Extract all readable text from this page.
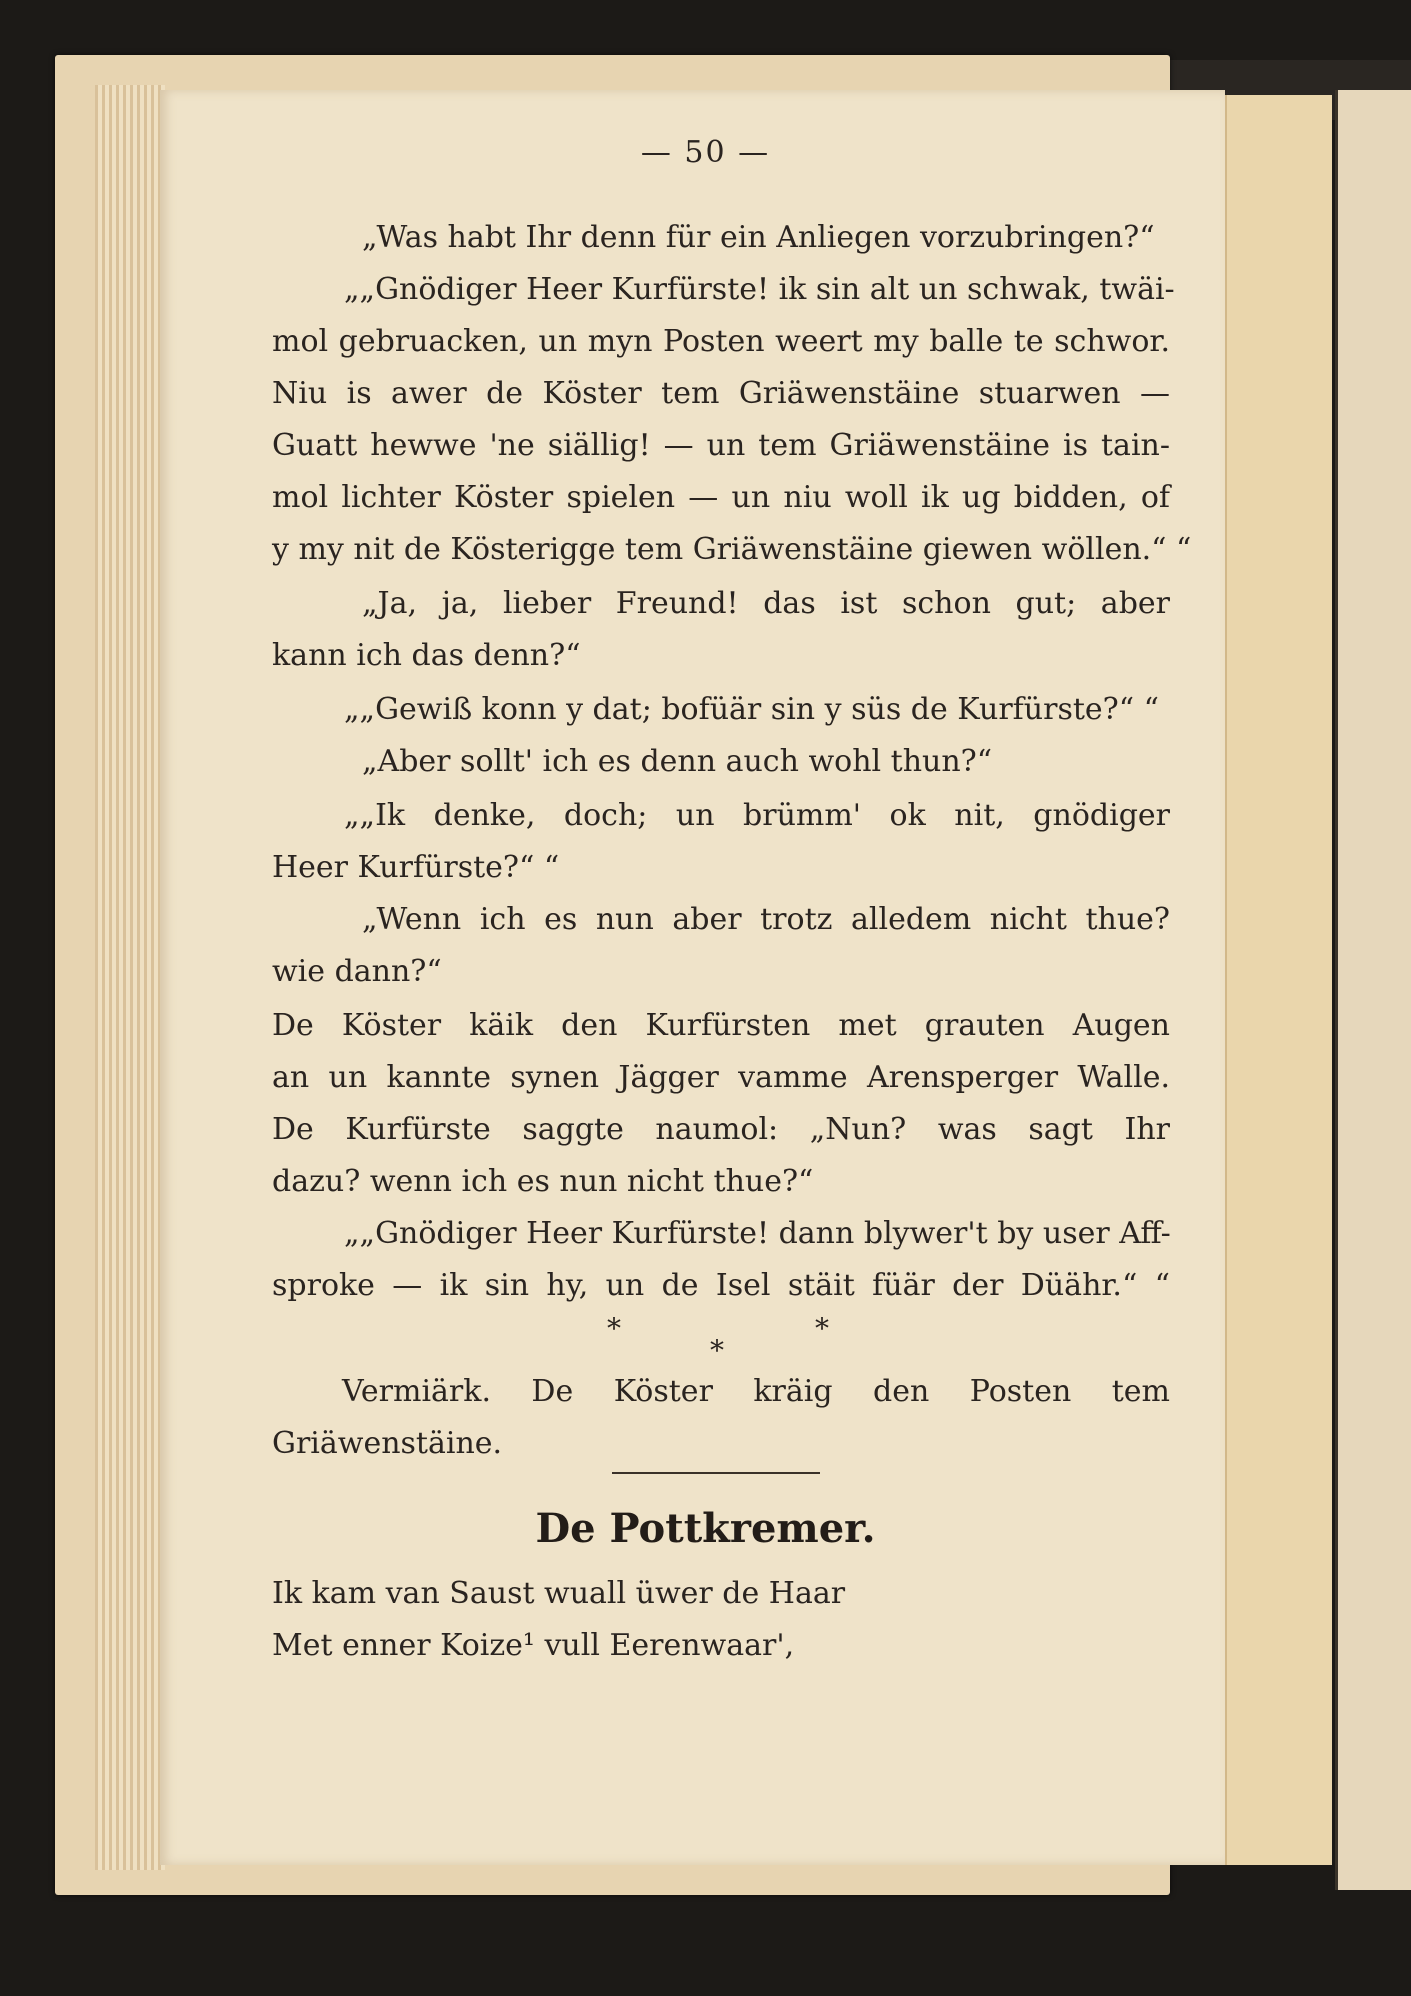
— 50 —
„Was habt Ihr denn für ein Anliegen vorzubringen?“
„„Gnödiger Heer Kurfürste! ik sin alt un schwak, twäi-
mol gebruacken, un myn Posten weert my balle te schwor.
Niu is awer de Köster tem Griäwenstäine stuarwen —
Guatt hewwe 'ne siällig! — un tem Griäwenstäine is tain-
mol lichter Köster spielen — un niu woll ik ug bidden, of
y my nit de Kösterigge tem Griäwenstäine giewen wöllen.“ “
„Ja, ja, lieber Freund! das ist schon gut; aber
kann ich das denn?“
„„Gewiß konn y dat; bofüär sin y süs de Kurfürste?“ “
„Aber sollt' ich es denn auch wohl thun?“
„„Ik denke, doch; un brümm' ok nit, gnödiger
Heer Kurfürste?“ “
„Wenn ich es nun aber trotz alledem nicht thue?
wie dann?“
De Köster käik den Kurfürsten met grauten Augen
an un kannte synen Jägger vamme Arensperger Walle.
De Kurfürste saggte naumol: „Nun? was sagt Ihr
dazu? wenn ich es nun nicht thue?“
„„Gnödiger Heer Kurfürste! dann blywer't by user Aff-
sproke — ik sin hy, un de Isel stäit füär der Düähr.“ “
*
*
*
Vermiärk. De Köster kräig den Posten tem
Griäwenstäine.
De Pottkremer.
Ik kam van Saust wuall üwer de Haar
Met enner Koize¹ vull Eerenwaar',
